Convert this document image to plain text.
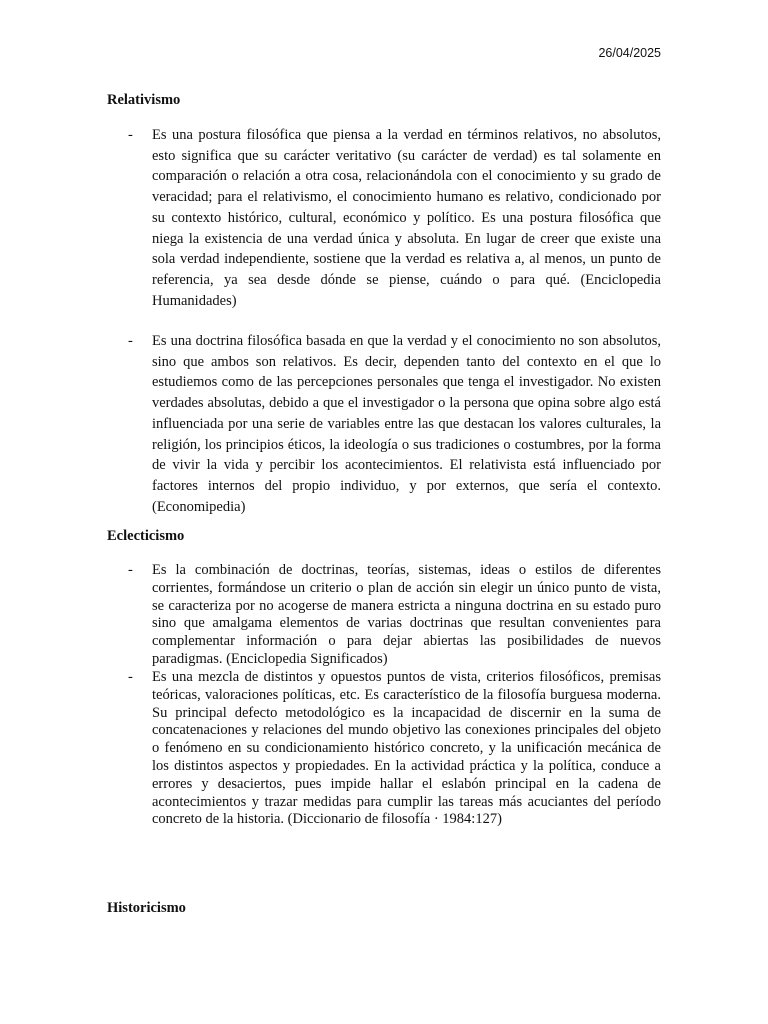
26/04/2025
Relativismo
- Es una postura filosófica que piensa a la verdad en términos relativos, no absolutos, esto significa que su carácter veritativo (su carácter de verdad) es tal solamente en comparación o relación a otra cosa, relacionándola con el conocimiento y su grado de veracidad; para el relativismo, el conocimiento humano es relativo, condicionado por su contexto histórico, cultural, económico y político. Es una postura filosófica que niega la existencia de una verdad única y absoluta. En lugar de creer que existe una sola verdad independiente, sostiene que la verdad es relativa a, al menos, un punto de referencia, ya sea desde dónde se piense, cuándo o para qué. (Enciclopedia Humanidades)
- Es una doctrina filosófica basada en que la verdad y el conocimiento no son absolutos, sino que ambos son relativos. Es decir, dependen tanto del contexto en el que lo estudiemos como de las percepciones personales que tenga el investigador. No existen verdades absolutas, debido a que el investigador o la persona que opina sobre algo está influenciada por una serie de variables entre las que destacan los valores culturales, la religión, los principios éticos, la ideología o sus tradiciones o costumbres, por la forma de vivir la vida y percibir los acontecimientos. El relativista está influenciado por factores internos del propio individuo, y por externos, que sería el contexto. (Economipedia)
Eclecticismo
- Es la combinación de doctrinas, teorías, sistemas, ideas o estilos de diferentes corrientes, formándose un criterio o plan de acción sin elegir un único punto de vista, se caracteriza por no acogerse de manera estricta a ninguna doctrina en su estado puro sino que amalgama elementos de varias doctrinas que resultan convenientes para complementar información o para dejar abiertas las posibilidades de nuevos paradigmas. (Enciclopedia Significados)
- Es una mezcla de distintos y opuestos puntos de vista, criterios filosóficos, premisas teóricas, valoraciones políticas, etc. Es característico de la filosofía burguesa moderna. Su principal defecto metodológico es la incapacidad de discernir en la suma de concatenaciones y relaciones del mundo objetivo las conexiones principales del objeto o fenómeno en su condicionamiento histórico concreto, y la unificación mecánica de los distintos aspectos y propiedades. En la actividad práctica y la política, conduce a errores y desaciertos, pues impide hallar el eslabón principal en la cadena de acontecimientos y trazar medidas para cumplir las tareas más acuciantes del período concreto de la historia. (Diccionario de filosofía · 1984:127)
Historicismo
